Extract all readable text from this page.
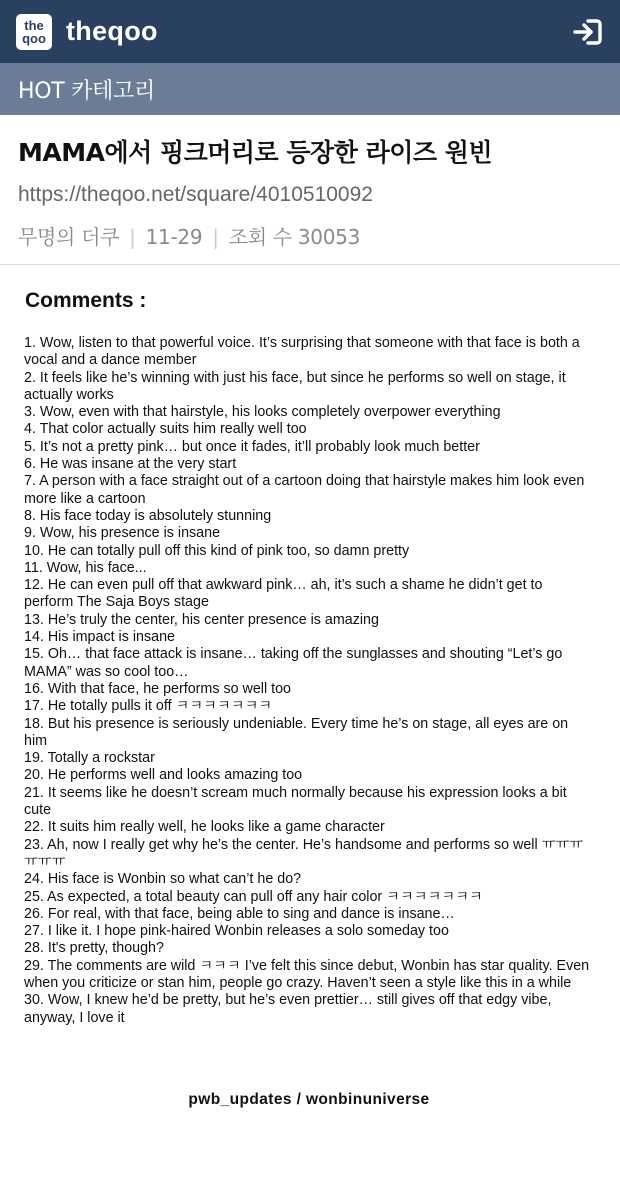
the
qoo theqoo
HOT 카테고리
MAMA에서 핑크머리로 등장한 라이즈 원빈
https://theqoo.net/square/4010510092
무명의 더쿠 | 11-29 | 조회 수 30053
Comments :
1. Wow, listen to that powerful voice. It’s surprising that someone with that face is both a vocal and a dance member
2. It feels like he’s winning with just his face, but since he performs so well on stage, it actually works
3. Wow, even with that hairstyle, his looks completely overpower everything
4. That color actually suits him really well too
5. It’s not a pretty pink… but once it fades, it’ll probably look much better
6. He was insane at the very start
7. A person with a face straight out of a cartoon doing that hairstyle makes him look even more like a cartoon
8. His face today is absolutely stunning
9. Wow, his presence is insane
10. He can totally pull off this kind of pink too, so damn pretty
11. Wow, his face...
12. He can even pull off that awkward pink… ah, it’s such a shame he didn’t get to perform The Saja Boys stage
13. He’s truly the center, his center presence is amazing
14. His impact is insane
15. Oh… that face attack is insane… taking off the sunglasses and shouting “Let’s go MAMA” was so cool too…
16. With that face, he performs so well too
17. He totally pulls it off ㅋㅋㅋㅋㅋㅋㅋ
18. But his presence is seriously undeniable. Every time he’s on stage, all eyes are on him
19. Totally a rockstar
20. He performs well and looks amazing too
21. It seems like he doesn’t scream much normally because his expression looks a bit cute
22. It suits him really well, he looks like a game character
23. Ah, now I really get why he’s the center. He’s handsome and performs so well ㅠㅠㅠㅠㅠㅠ
24. His face is Wonbin so what can’t he do?
25. As expected, a total beauty can pull off any hair color ㅋㅋㅋㅋㅋㅋㅋ
26. For real, with that face, being able to sing and dance is insane…
27. I like it. I hope pink-haired Wonbin releases a solo someday too
28. It's pretty, though?
29. The comments are wild ㅋㅋㅋ I’ve felt this since debut, Wonbin has star quality. Even when you criticize or stan him, people go crazy. Haven’t seen a style like this in a while
30. Wow, I knew he’d be pretty, but he’s even prettier… still gives off that edgy vibe, anyway, I love it
pwb_updates / wonbinuniverse
